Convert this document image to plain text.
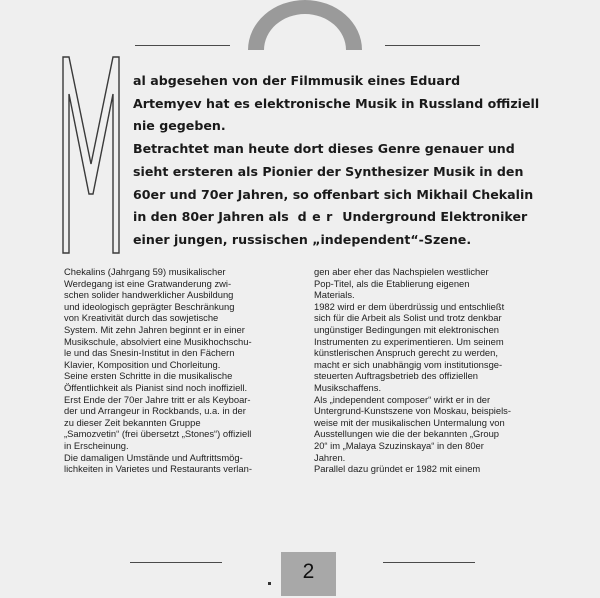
al abgesehen von der Filmmusik eines Eduard
Artemyev hat es elektronische Musik in Russland offiziell
nie gegeben.
Betrachtet man heute dort dieses Genre genauer und
sieht ersteren als Pionier der Synthesizer Musik in den
60er und 70er Jahren, so offenbart sich Mikhail Chekalin
in den 80er Jahren als der Underground Elektroniker
einer jungen, russischen „independent“-Szene.

Chekalins (Jahrgang 59) musikalischer
Werdegang ist eine Gratwanderung zwi-
schen solider handwerklicher Ausbildung
und ideologisch geprägter Beschränkung
von Kreativität durch das sowjetische
System. Mit zehn Jahren beginnt er in einer
Musikschule, absolviert eine Musikhochschu-
le und das Snesin-Institut in den Fächern
Klavier, Komposition und Chorleitung.
Seine ersten Schritte in die musikalische
Öffentlichkeit als Pianist sind noch inoffiziell.
Erst Ende der 70er Jahre tritt er als Keyboar-
der und Arrangeur in Rockbands, u.a. in der
zu dieser Zeit bekannten Gruppe
„Samozvetin“ (frei übersetzt „Stones“) offiziell
in Erscheinung.
Die damaligen Umstände und Auftrittsmög-
lichkeiten in Varietes und Restaurants verlan-

gen aber eher das Nachspielen westlicher
Pop-Titel, als die Etablierung eigenen
Materials.
1982 wird er dem überdrüssig und entschließt
sich für die Arbeit als Solist und trotz denkbar
ungünstiger Bedingungen mit elektronischen
Instrumenten zu experimentieren. Um seinem
künstlerischen Anspruch gerecht zu werden,
macht er sich unabhängig vom institutionsge-
steuerten Auftragsbetrieb des offiziellen
Musikschaffens.
Als „independent composer“ wirkt er in der
Untergrund-Kunstszene von Moskau, beispiels-
weise mit der musikalischen Untermalung von
Ausstellungen wie die der bekannten „Group
20“ im „Malaya Szuzinskaya“ in den 80er
Jahren.
Parallel dazu gründet er 1982 mit einem

2
